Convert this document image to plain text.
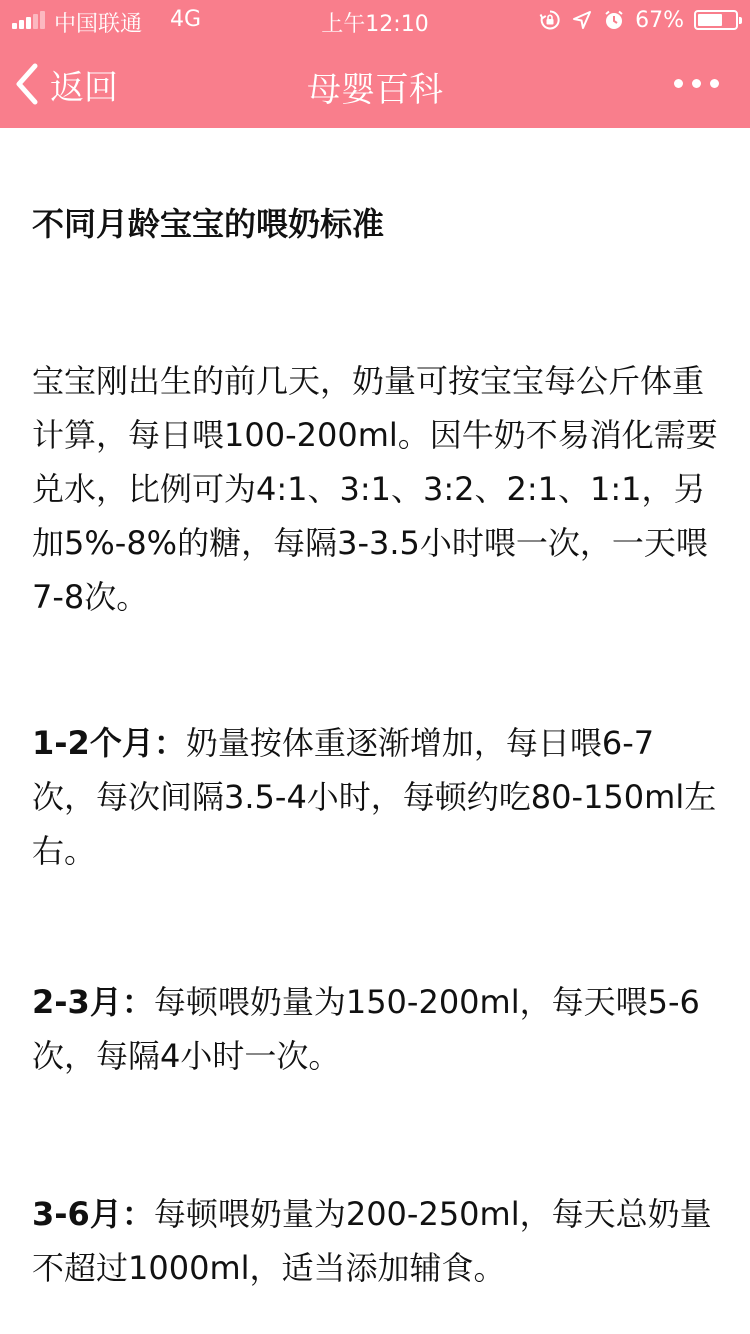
中国联通 4G	上午12:10	67%
返回	母婴百科
不同月龄宝宝的喂奶标准

宝宝刚出生的前几天，奶量可按宝宝每公斤体重计算，每日喂100-200ml。因牛奶不易消化需要兑水，比例可为4:1、3:1、3:2、2:1、1:1，另加5%-8%的糖，每隔3-3.5小时喂一次，一天喂7-8次。

1-2个月：奶量按体重逐渐增加，每日喂6-7次，每次间隔3.5-4小时，每顿约吃80-150ml左右。

2-3月：每顿喂奶量为150-200ml，每天喂5-6次，每隔4小时一次。

3-6月：每顿喂奶量为200-250ml，每天总奶量不超过1000ml，适当添加辅食。
